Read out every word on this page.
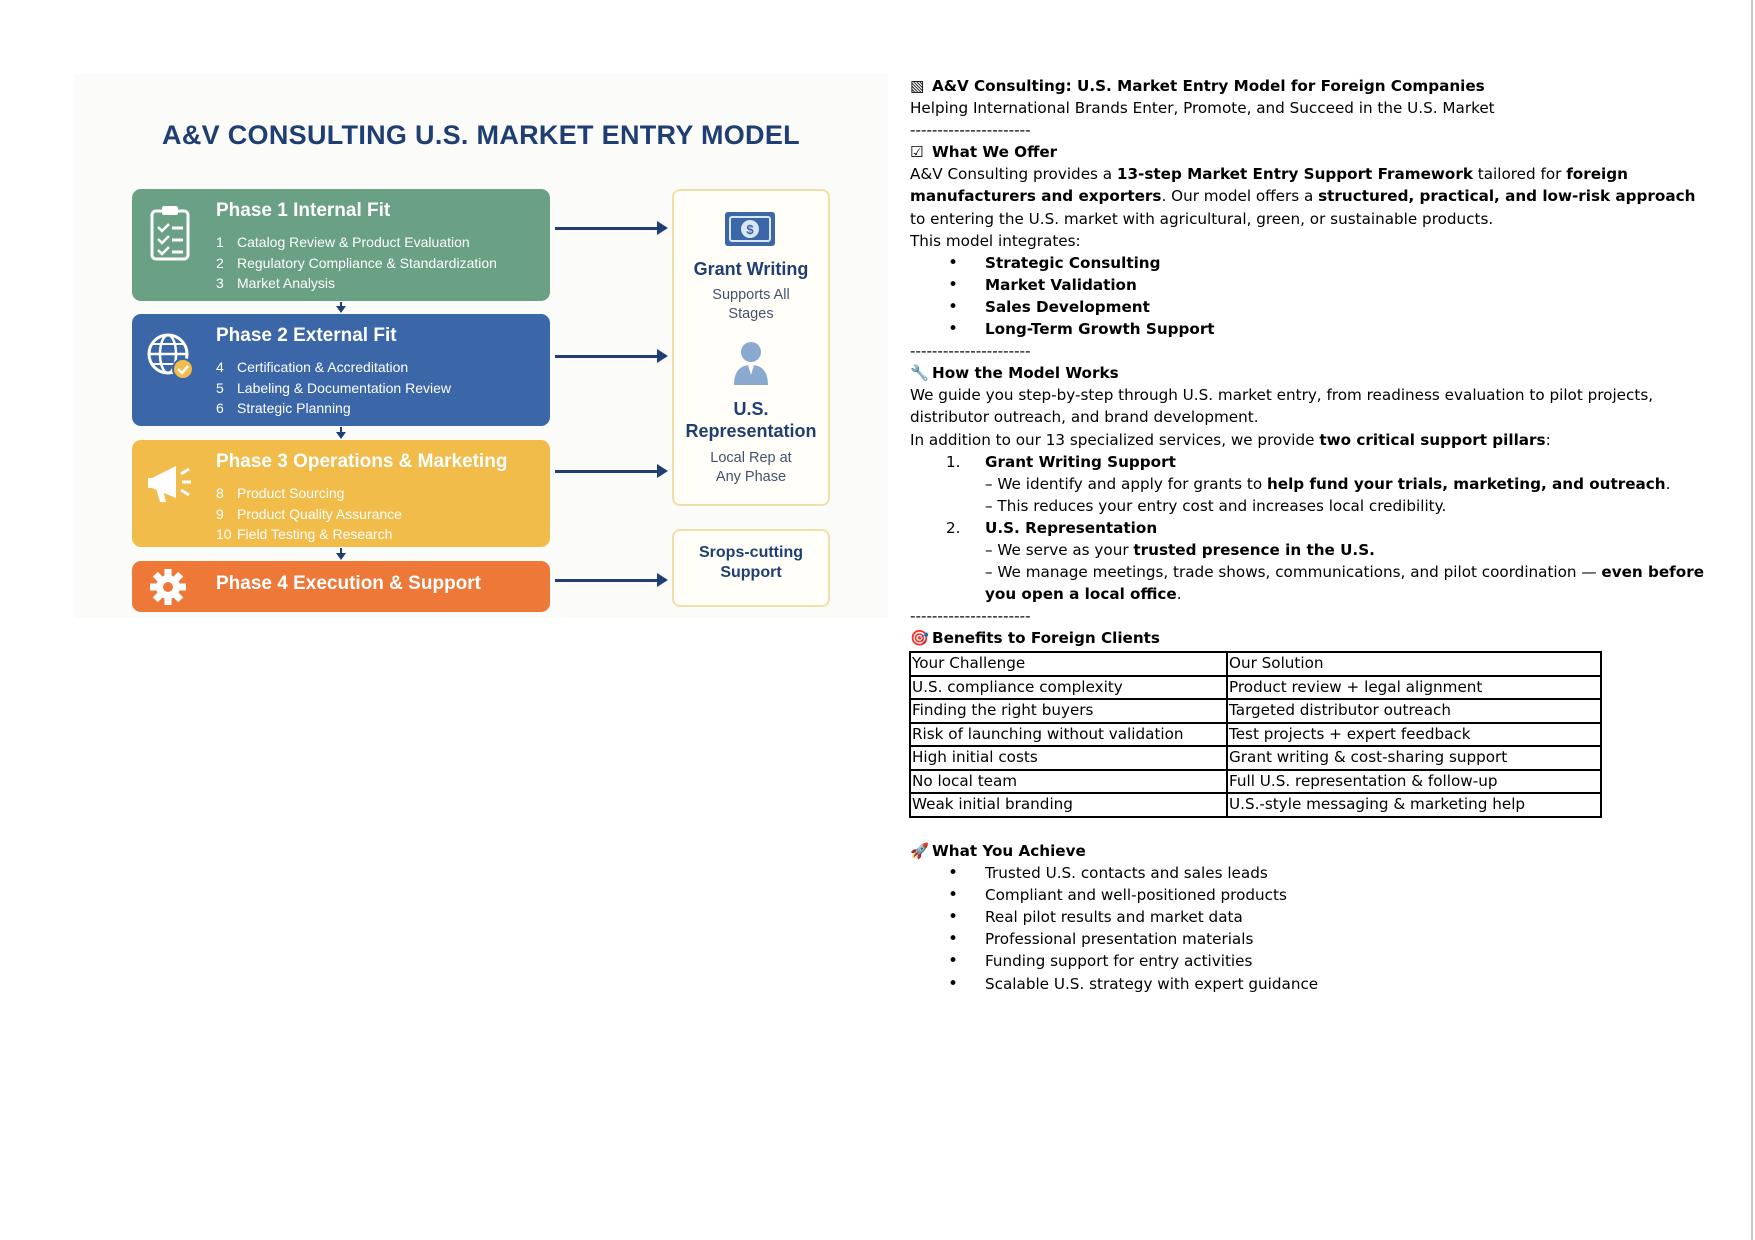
A&V CONSULTING U.S. MARKET ENTRY MODEL
Phase 1 Internal Fit
1 Catalog Review & Product Evaluation
2 Regulatory Compliance & Standardization
3 Market Analysis
Phase 2 External Fit
4 Certification & Accreditation
5 Labeling & Documentation Review
6 Strategic Planning
Phase 3 Operations & Marketing
8 Product Sourcing
9 Product Quality Assurance
10 Field Testing & Research
Phase 4 Execution & Support
$
Grant Writing
Supports All
Stages
U.S.
Representation
Local Rep at
Any Phase
Srops-cutting
Support

▧ A&V Consulting: U.S. Market Entry Model for Foreign Companies

Helping International Brands Enter, Promote, and Succeed in the U.S. Market

----------------------

☑ What We Offer

A&V Consulting provides a 13-step Market Entry Support Framework tailored for foreign manufacturers and exporters. Our model offers a structured, practical, and low-risk approach to entering the U.S. market with agricultural, green, or sustainable products.

This model integrates:

• Strategic Consulting
• Market Validation
• Sales Development
• Long-Term Growth Support

----------------------

🔧 How the Model Works

We guide you step-by-step through U.S. market entry, from readiness evaluation to pilot projects, distributor outreach, and brand development.

In addition to our 13 specialized services, we provide two critical support pillars:

1. Grant Writing Support

– We identify and apply for grants to help fund your trials, marketing, and outreach.

– This reduces your entry cost and increases local credibility.

2. U.S. Representation

– We serve as your trusted presence in the U.S.

– We manage meetings, trade shows, communications, and pilot coordination — even before you open a local office.

----------------------

🎯 Benefits to Foreign Clients

Your Challenge	Our Solution
U.S. compliance complexity	Product review + legal alignment
Finding the right buyers	Targeted distributor outreach
Risk of launching without validation	Test projects + expert feedback
High initial costs	Grant writing & cost-sharing support
No local team	Full U.S. representation & follow-up
Weak initial branding	U.S.-style messaging & marketing help

🚀 What You Achieve

• Trusted U.S. contacts and sales leads
• Compliant and well-positioned products
• Real pilot results and market data
• Professional presentation materials
• Funding support for entry activities
• Scalable U.S. strategy with expert guidance
